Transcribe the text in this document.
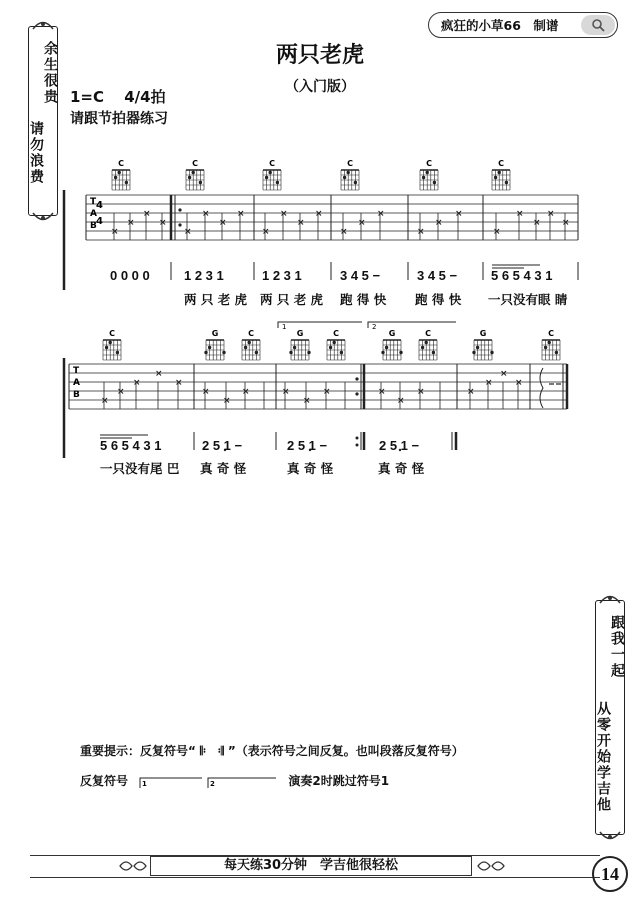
余生很贵
请勿浪费
跟我一起
从零开始学吉他
疯狂的小草66　制谱
两只老虎
（入门版）
1=C　 4/4拍
请跟节拍器练习
C	C	C	C	C	C
T
A
B
4
4
×
×
×
×
×
×
×
×
×
×
×
×
×
×
×
×
×
×
×
×
×
×
×
0 0 0 0	1 2 3 1	1 2 3 1	3 4 5 −	3 4 5 −	5 6 5 4 3 1
两 只 老 虎 两 只 老 虎 跑 得 快 跑 得 快 一只没有眼 睛
C	G	C	G	C	G	C	G	C
1	2
T
A
B
×
×
×
×
×
×
×
×	×
×
×	×
×
×	×
×
×
×
5 6 5 4 3 1	2 5 1 −	2 5 1 −	2 5 1 −
一只没有尾 巴 真 奇 怪	真 奇 怪	真 奇 怪
重要提示：反复符号“ 𝄆　𝄇 ”（表示符号之间反复。也叫段落反复符号）
反复符号 1	2	演奏2时跳过符号1
每天练30分钟　学吉他很轻松	14
